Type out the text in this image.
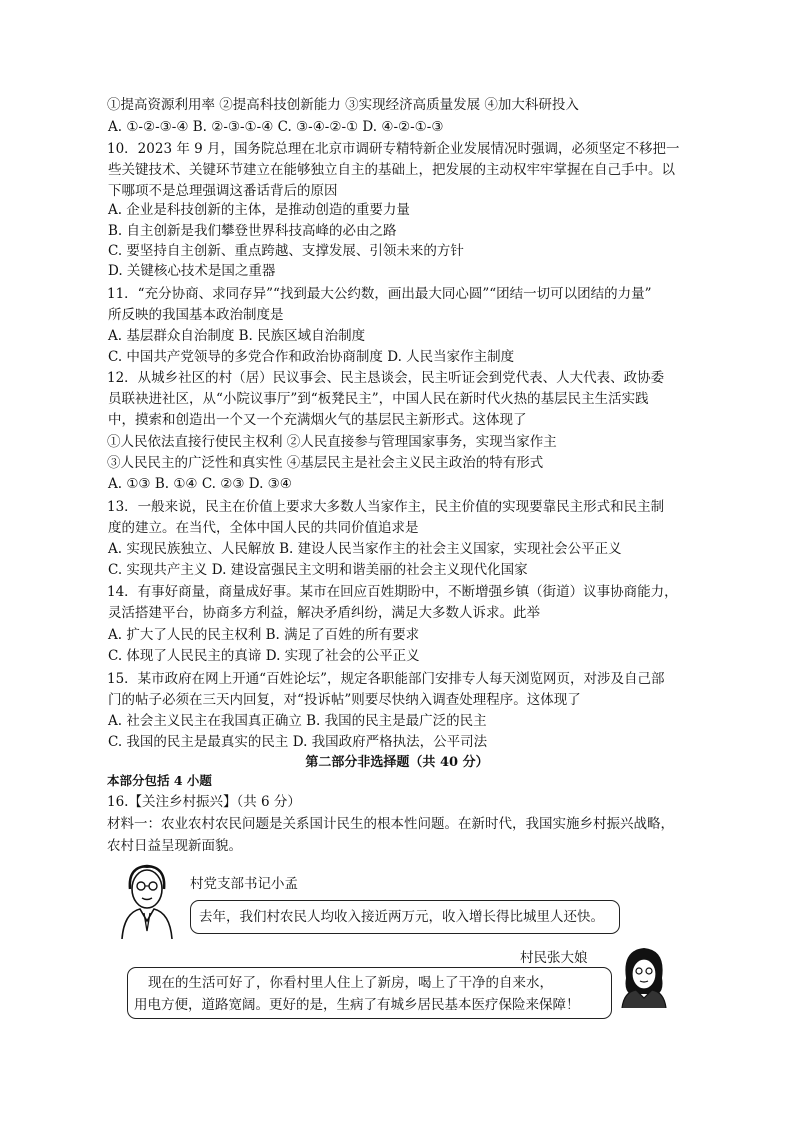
①提高资源利用率 ②提高科技创新能力 ③实现经济高质量发展 ④加大科研投入
A. ①-②-③-④ B. ②-③-①-④ C. ③-④-②-① D. ④-②-①-③
10．2023 年 9 月，国务院总理在北京市调研专精特新企业发展情况时强调，必须坚定不移把一
些关键技术、关键环节建立在能够独立自主的基础上，把发展的主动权牢牢掌握在自己手中。以
下哪项不是总理强调这番话背后的原因
A. 企业是科技创新的主体，是推动创造的重要力量
B. 自主创新是我们攀登世界科技高峰的必由之路
C. 要坚持自主创新、重点跨越、支撑发展、引领未来的方针
D. 关键核心技术是国之重器
11．“充分协商、求同存异”“找到最大公约数，画出最大同心圆”“团结一切可以团结的力量”
所反映的我国基本政治制度是
A. 基层群众自治制度 B. 民族区域自治制度
C. 中国共产党领导的多党合作和政治协商制度 D. 人民当家作主制度
12．从城乡社区的村（居）民议事会、民主恳谈会，民主听证会到党代表、人大代表、政协委
员联袂进社区，从“小院议事厅”到“板凳民主”，中国人民在新时代火热的基层民主生活实践
中，摸索和创造出一个又一个充满烟火气的基层民主新形式。这体现了
①人民依法直接行使民主权利 ②人民直接参与管理国家事务，实现当家作主
③人民民主的广泛性和真实性 ④基层民主是社会主义民主政治的特有形式
A. ①③ B. ①④ C. ②③ D. ③④
13．一般来说，民主在价值上要求大多数人当家作主，民主价值的实现要靠民主形式和民主制
度的建立。在当代，全体中国人民的共同价值追求是
A. 实现民族独立、人民解放 B. 建设人民当家作主的社会主义国家，实现社会公平正义
C. 实现共产主义 D. 建设富强民主文明和谐美丽的社会主义现代化国家
14．有事好商量，商量成好事。某市在回应百姓期盼中，不断增强乡镇（街道）议事协商能力，
灵活搭建平台，协商多方利益，解决矛盾纠纷，满足大多数人诉求。此举
A. 扩大了人民的民主权利 B. 满足了百姓的所有要求
C. 体现了人民民主的真谛 D. 实现了社会的公平正义
15．某市政府在网上开通“百姓论坛”，规定各职能部门安排专人每天浏览网页，对涉及自己部
门的帖子必须在三天内回复，对“投诉帖”则要尽快纳入调查处理程序。这体现了
A. 社会主义民主在我国真正确立 B. 我国的民主是最广泛的民主
C. 我国的民主是最真实的民主 D. 我国政府严格执法，公平司法
第二部分非选择题（共 40 分）
本部分包括 4 小题
16.【关注乡村振兴】（共 6 分）
材料一：农业农村农民问题是关系国计民生的根本性问题。在新时代，我国实施乡村振兴战略，
农村日益呈现新面貌。
村党支部书记小孟
去年，我们村农民人均收入接近两万元，收入增长得比城里人还快。
村民张大娘
现在的生活可好了，你看村里人住上了新房，喝上了干净的自来水，
用电方便，道路宽阔。更好的是，生病了有城乡居民基本医疗保险来保障！
